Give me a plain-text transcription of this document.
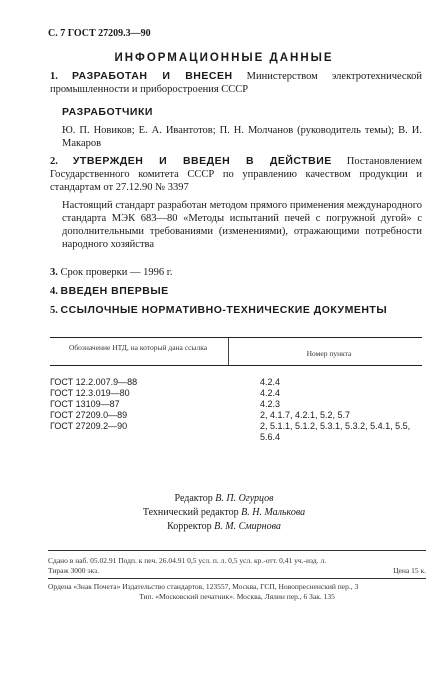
С. 7 ГОСТ 27209.3—90
ИНФОРМАЦИОННЫЕ ДАННЫЕ
1. РАЗРАБОТАН И ВНЕСЕН Министерством электротехнической промышленности и приборостроения СССР
РАЗРАБОТЧИКИ
Ю. П. Новиков; Е. А. Ивантотов; П. Н. Молчанов (руководитель темы); В. И. Макаров
2. УТВЕРЖДЕН И ВВЕДЕН В ДЕЙСТВИЕ Постановлением Государственного комитета СССР по управлению качеством продукции и стандартам от 27.12.90 № 3397
Настоящий стандарт разработан методом прямого применения международного стандарта МЭК 683—80 «Методы испытаний печей с погружной дугой» с дополнительными требованиями (изменениями), отражающими потребности народного хозяйства
3. Срок проверки — 1996 г.
4. ВВЕДЕН ВПЕРВЫЕ
5. ССЫЛОЧНЫЕ НОРМАТИВНО-ТЕХНИЧЕСКИЕ ДОКУМЕНТЫ
Обозначение НТД, на который дана ссылка
Номер пункта
ГОСТ 12.2.007.9—88	4.2.4
ГОСТ 12.3.019—80	4.2.4
ГОСТ 13109—87	4.2.3
ГОСТ 27209.0—89	2, 4.1.7, 4.2.1, 5.2, 5.7
ГОСТ 27209.2—90	2, 5.1.1, 5.1.2, 5.3.1, 5.3.2, 5.4.1, 5.5, 5.6.4
Редактор В. П. Огурцов
Технический редактор В. Н. Малькова
Корректор В. М. Смирнова
Сдано в наб. 05.02.91 Подп. к печ. 26.04.91 0,5 усл. п. л. 0,5 усл. кр.-отт. 0,41 уч.-изд. л.
Тираж 3000 экз.	Цена 15 к.
Ордена «Знак Почета» Издательство стандартов, 123557, Москва, ГСП, Новопресненский пер., 3
Тип. «Московский печатник». Москва, Лялин пер., 6 Зак. 135
